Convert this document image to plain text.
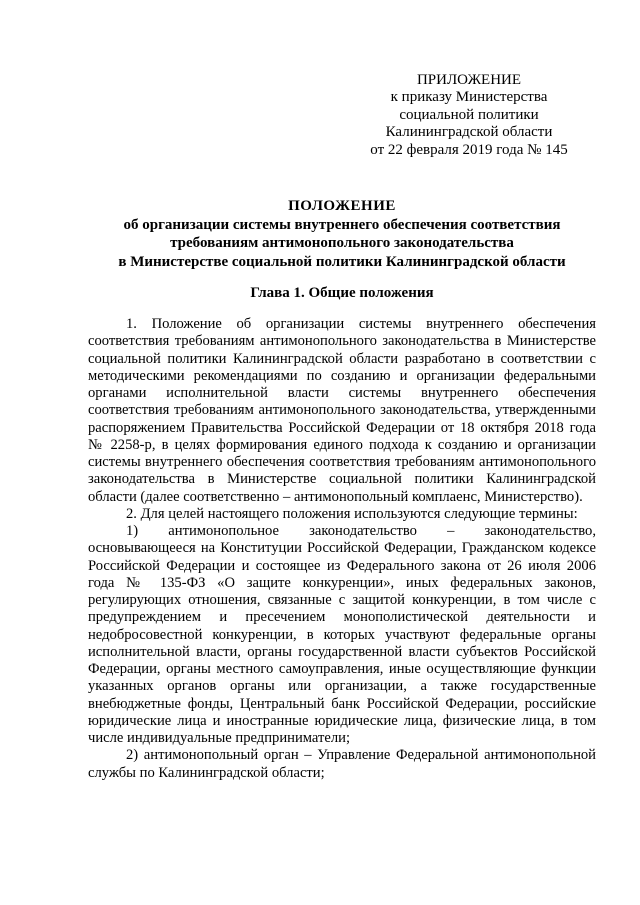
ПРИЛОЖЕНИЕ
к приказу Министерства
социальной политики
Калининградской области
от 22 февраля 2019 года № 145
ПОЛОЖЕНИЕ
об организации системы внутреннего обеспечения соответствия
требованиям антимонопольного законодательства
в Министерстве социальной политики Калининградской области
Глава 1. Общие положения

1. Положение об организации системы внутреннего обеспечения соответствия требованиям антимонопольного законодательства в Министерстве социальной политики Калининградской области разработано в соответствии с методическими рекомендациями по созданию и организации федеральными органами исполнительной власти системы внутреннего обеспечения соответствия требованиям антимонопольного законодательства, утвержденными распоряжением Правительства Российской Федерации от 18 октября 2018 года № 2258-р, в целях формирования единого подхода к созданию и организации системы внутреннего обеспечения соответствия требованиям антимонопольного законодательства в Министерстве социальной политики Калининградской области (далее соответственно – антимонопольный комплаенс, Министерство).

2. Для целей настоящего положения используются следующие термины:

1) антимонопольное законодательство – законодательство, основывающееся на Конституции Российской Федерации, Гражданском кодексе Российской Федерации и состоящее из Федерального закона от 26 июля 2006 года № 135-ФЗ «О защите конкуренции», иных федеральных законов, регулирующих отношения, связанные с защитой конкуренции, в том числе с предупреждением и пресечением монополистической деятельности и недобросовестной конкуренции, в которых участвуют федеральные органы исполнительной власти, органы государственной власти субъектов Российской Федерации, органы местного самоуправления, иные осуществляющие функции указанных органов органы или организации, а также государственные внебюджетные фонды, Центральный банк Российской Федерации, российские юридические лица и иностранные юридические лица, физические лица, в том числе индивидуальные предприниматели;

2) антимонопольный орган – Управление Федеральной антимонопольной службы по Калининградской области;
